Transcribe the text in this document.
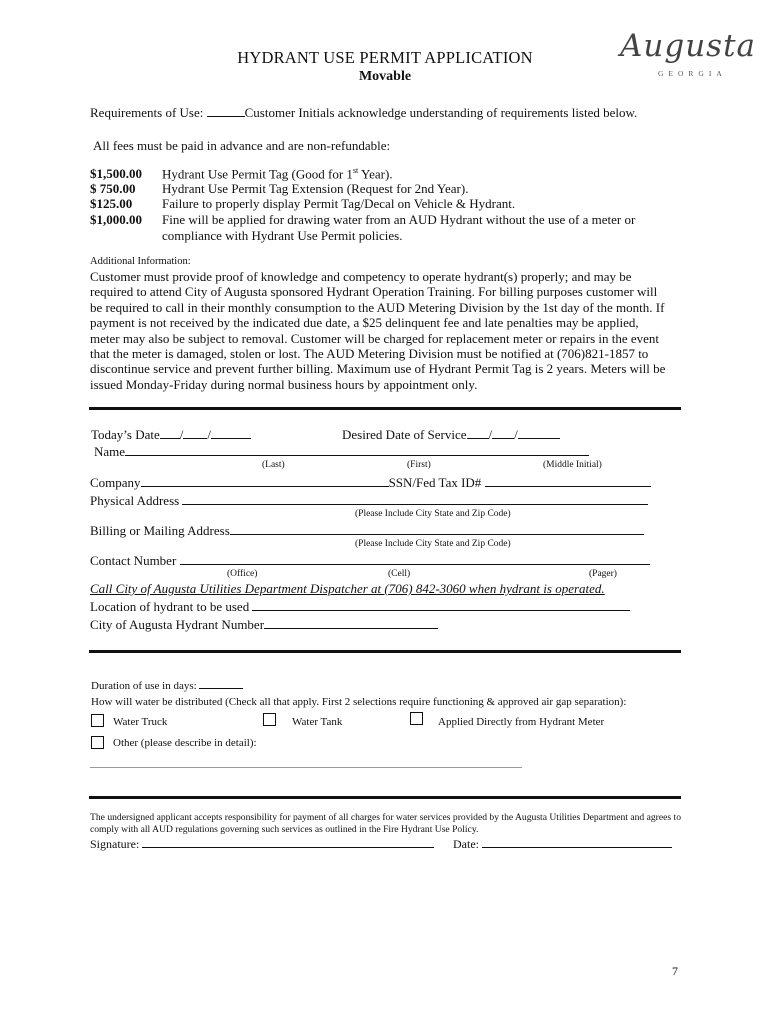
HYDRANT USE PERMIT APPLICATION
Movable
Augusta
GEORGIA
Requirements of Use:	Customer Initials acknowledge understanding of requirements listed below.
All fees must be paid in advance and are non-refundable:
$1,500.00 Hydrant Use Permit Tag (Good for 1st Year).
$ 750.00 Hydrant Use Permit Tag Extension (Request for 2nd Year).
$125.00 Failure to properly display Permit Tag/Decal on Vehicle & Hydrant.
$1,000.00 Fine will be applied for drawing water from an AUD Hydrant without the use of a meter or
compliance with Hydrant Use Permit policies.
Additional Information:
Customer must provide proof of knowledge and competency to operate hydrant(s) properly; and may be required to attend City of Augusta sponsored Hydrant Operation Training. For billing purposes customer will be required to call in their monthly consumption to the AUD Metering Division by the 1st day of the month. If payment is not received by the indicated due date, a $25 delinquent fee and late penalties may be applied, meter may also be subject to removal. Customer will be charged for replacement meter or repairs in the event that the meter is damaged, stolen or lost. The AUD Metering Division must be notified at (706)821-1857 to discontinue service and prevent further billing. Maximum use of Hydrant Permit Tag is 2 years. Meters will be issued Monday-Friday during normal business hours by appointment only.
Today’s Date / /	Desired Date of Service / /
Name
(Last)	(First)	(Middle Initial)
Company	SSN/Fed Tax ID#
Physical Address
(Please Include City State and Zip Code)
Billing or Mailing Address
(Please Include City State and Zip Code)
Contact Number
(Office)	(Cell)	(Pager)
Call City of Augusta Utilities Department Dispatcher at (706) 842-3060 when hydrant is operated.
Location of hydrant to be used
City of Augusta Hydrant Number
Duration of use in days:
How will water be distributed (Check all that apply. First 2 selections require functioning & approved air gap separation):
Water Truck	Water Tank	Applied Directly from Hydrant Meter
Other (please describe in detail):
The undersigned applicant accepts responsibility for payment of all charges for water services provided by the Augusta Utilities Department and agrees to comply with all AUD regulations governing such services as outlined in the Fire Hydrant Use Policy.
Signature:	Date:
7
